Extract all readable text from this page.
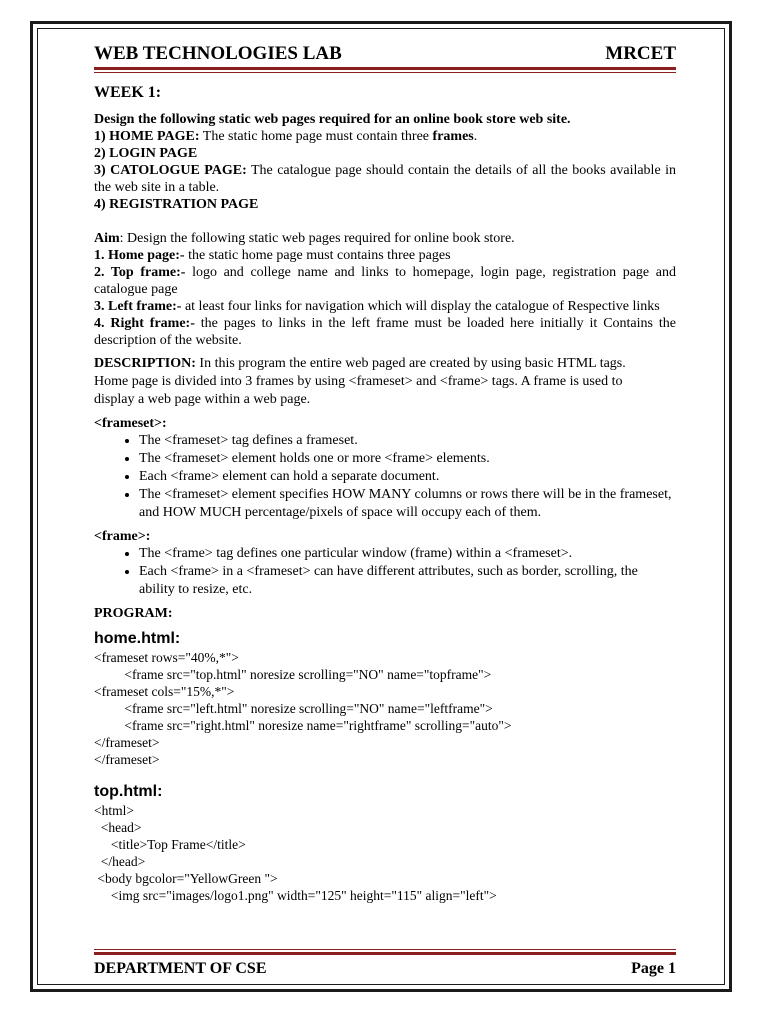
WEB TECHNOLOGIES LAB	MRCET
WEEK 1:
Design the following static web pages required for an online book store web site.
1) HOME PAGE: The static home page must contain three frames.
2) LOGIN PAGE
3) CATOLOGUE PAGE: The catalogue page should contain the details of all the books available in the web site in a table.
4) REGISTRATION PAGE
Aim: Design the following static web pages required for online book store.
1. Home page:- the static home page must contains three pages
2. Top frame:- logo and college name and links to homepage, login page, registration page and catalogue page
3. Left frame:- at least four links for navigation which will display the catalogue of Respective links
4. Right frame:- the pages to links in the left frame must be loaded here initially it Contains the description of the website.
DESCRIPTION: In this program the entire web paged are created by using basic HTML tags. Home page is divided into 3 frames by using <frameset> and <frame> tags. A frame is used to display a web page within a web page.
<frameset>:
• The <frameset> tag defines a frameset.
• The <frameset> element holds one or more <frame> elements.
• Each <frame> element can hold a separate document.
• The <frameset> element specifies HOW MANY columns or rows there will be in the frameset, and HOW MUCH percentage/pixels of space will occupy each of them.
<frame>:
• The <frame> tag defines one particular window (frame) within a <frameset>.
• Each <frame> in a <frameset> can have different attributes, such as border, scrolling, the ability to resize, etc.
PROGRAM:
home.html:
<frameset rows="40%,*">
<frame src="top.html" noresize scrolling="NO" name="topframe">
<frameset cols="15%,*">
<frame src="left.html" noresize scrolling="NO" name="leftframe">
<frame src="right.html" noresize name="rightframe" scrolling="auto">
</frameset>
</frameset>
top.html:
<html>
<head>
<title>Top Frame</title>
</head>
<body bgcolor="YellowGreen ">
<img src="images/logo1.png" width="125" height="115" align="left">
DEPARTMENT OF CSE	Page 1
